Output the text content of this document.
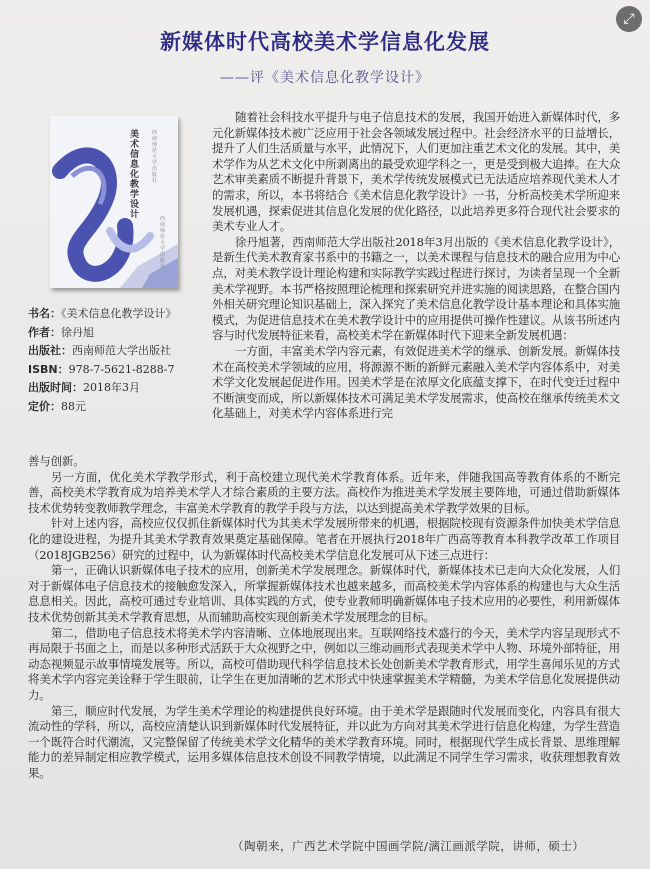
⤢
新媒体时代高校美术学信息化发展
——评《美术信息化教学设计》
美术信息化教学设计
西南师范大学出版社
西南师范大学出版社
书名：《美术信息化教学设计》
作者：徐丹旭
出版社：西南师范大学出版社
ISBN：978-7-5621-8288-7
出版时间：2018年3月
定价：88元

随着社会科技水平提升与电子信息技术的发展，我国开始进入新媒体时代，多元化新媒体技术被广泛应用于社会各领域发展过程中。社会经济水平的日益增长，提升了人们生活质量与水平，此情况下，人们更加注重艺术文化的发展。其中，美术学作为从艺术文化中所剥离出的最受欢迎学科之一，更是受到极大追捧。在大众艺术审美素质不断提升背景下，美术学传统发展模式已无法适应培养现代美术人才的需求，所以，本书将结合《美术信息化教学设计》一书，分析高校美术学所迎来发展机遇，探索促进其信息化发展的优化路径，以此培养更多符合现代社会要求的美术专业人才。

徐丹旭著，西南师范大学出版社2018年3月出版的《美术信息化教学设计》，是新生代美术教育家书系中的书籍之一，以美术课程与信息技术的融合应用为中心点，对美术教学设计理论构建和实际教学实践过程进行探讨，为读者呈现一个全新美术学视野。本书严格按照理论梳理和探索研究并进实施的阅读思路，在整合国内外相关研究理论知识基础上，深入探究了美术信息化教学设计基本理论和具体实施模式，为促进信息技术在美术教学设计中的应用提供可操作性建议。从该书所述内容与时代发展特征来看，高校美术学在新媒体时代下迎来全新发展机遇：

一方面，丰富美术学内容元素，有效促进美术学的继承、创新发展。新媒体技术在高校美术学领域的应用，将源源不断的新鲜元素融入美术学内容体系中，对美术学文化发展起促进作用。因美术学是在浓厚文化底蕴支撑下，在时代变迁过程中不断演变而成，所以新媒体技术可满足美术学发展需求，使高校在继承传统美术文化基础上，对美术学内容体系进行完

善与创新。

另一方面，优化美术学教学形式，利于高校建立现代美术学教育体系。近年来，伴随我国高等教育体系的不断完善，高校美术学教育成为培养美术学人才综合素质的主要方法。高校作为推进美术学发展主要阵地，可通过借助新媒体技术优势转变教师教学理念，丰富美术学教育的教学手段与方法，以达到提高美术学教学效果的目标。

针对上述内容，高校应仅仅抓住新媒体时代为其美术学发展所带来的机遇，根据院校现有资源条件加快美术学信息化的建设进程，为提升其美术学教育效果奠定基础保障。笔者在开展执行2018年广西高等教育本科教学改革工作项目（2018JGB256）研究的过程中，认为新媒体时代高校美术学信息化发展可从下述三点进行：

第一，正确认识新媒体电子技术的应用，创新美术学发展理念。新媒体时代，新媒体技术已走向大众化发展，人们对于新媒体电子信息技术的接触愈发深入，所掌握新媒体技术也越来越多，而高校美术学内容体系的构建也与大众生活息息相关。因此，高校可通过专业培训、具体实践的方式，使专业教师明确新媒体电子技术应用的必要性，利用新媒体技术优势创新其美术学教育思想，从而辅助高校实现创新美术学发展理念的目标。

第二，借助电子信息技术将美术学内容清晰、立体地展现出来。互联网络技术盛行的今天，美术学内容呈现形式不再局限于书面之上，而是以多种形式活跃于大众视野之中，例如以三维动画形式表现美术学中人物、环境外部特征，用动态视频显示故事情境发展等。所以，高校可借助现代科学信息技术长处创新美术学教育形式，用学生喜闻乐见的方式将美术学内容完美诠释于学生眼前，让学生在更加清晰的艺术形式中快速掌握美术学精髓，为美术学信息化发展提供动力。

第三，顺应时代发展，为学生美术学理论的构建提供良好环境。由于美术学是跟随时代发展而变化，内容具有很大流动性的学科，所以，高校应清楚认识到新媒体时代发展特征，并以此为方向对其美术学进行信息化构建，为学生营造一个既符合时代潮流，又完整保留了传统美术学文化精华的美术学教育环境。同时，根据现代学生成长背景、思维理解能力的差异制定相应教学模式，运用多媒体信息技术创设不同教学情境，以此满足不同学生学习需求，收获理想教育效果。

（陶朝来，广西艺术学院中国画学院/漓江画派学院，讲师，硕士）
